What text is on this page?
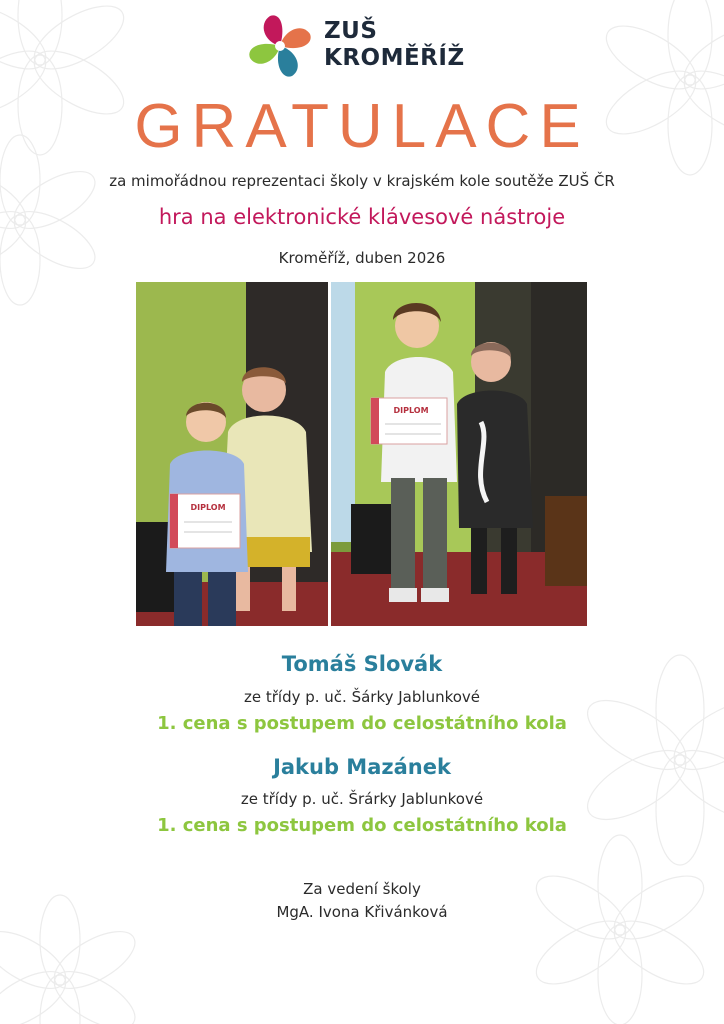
ZUŠ
KROMĚŘÍŽ
GRATULACE
za mimořádnou reprezentaci školy v krajském kole soutěže ZUŠ ČR
hra na elektronické klávesové nástroje
Kroměříž, duben 2026
DIPLOM
DIPLOM
Tomáš Slovák
ze třídy p. uč. Šárky Jablunkové
1. cena s postupem do celostátního kola
Jakub Mazánek
ze třídy p. uč. Šrárky Jablunkové
1. cena s postupem do celostátního kola
Za vedení školy
MgA. Ivona Křivánková
